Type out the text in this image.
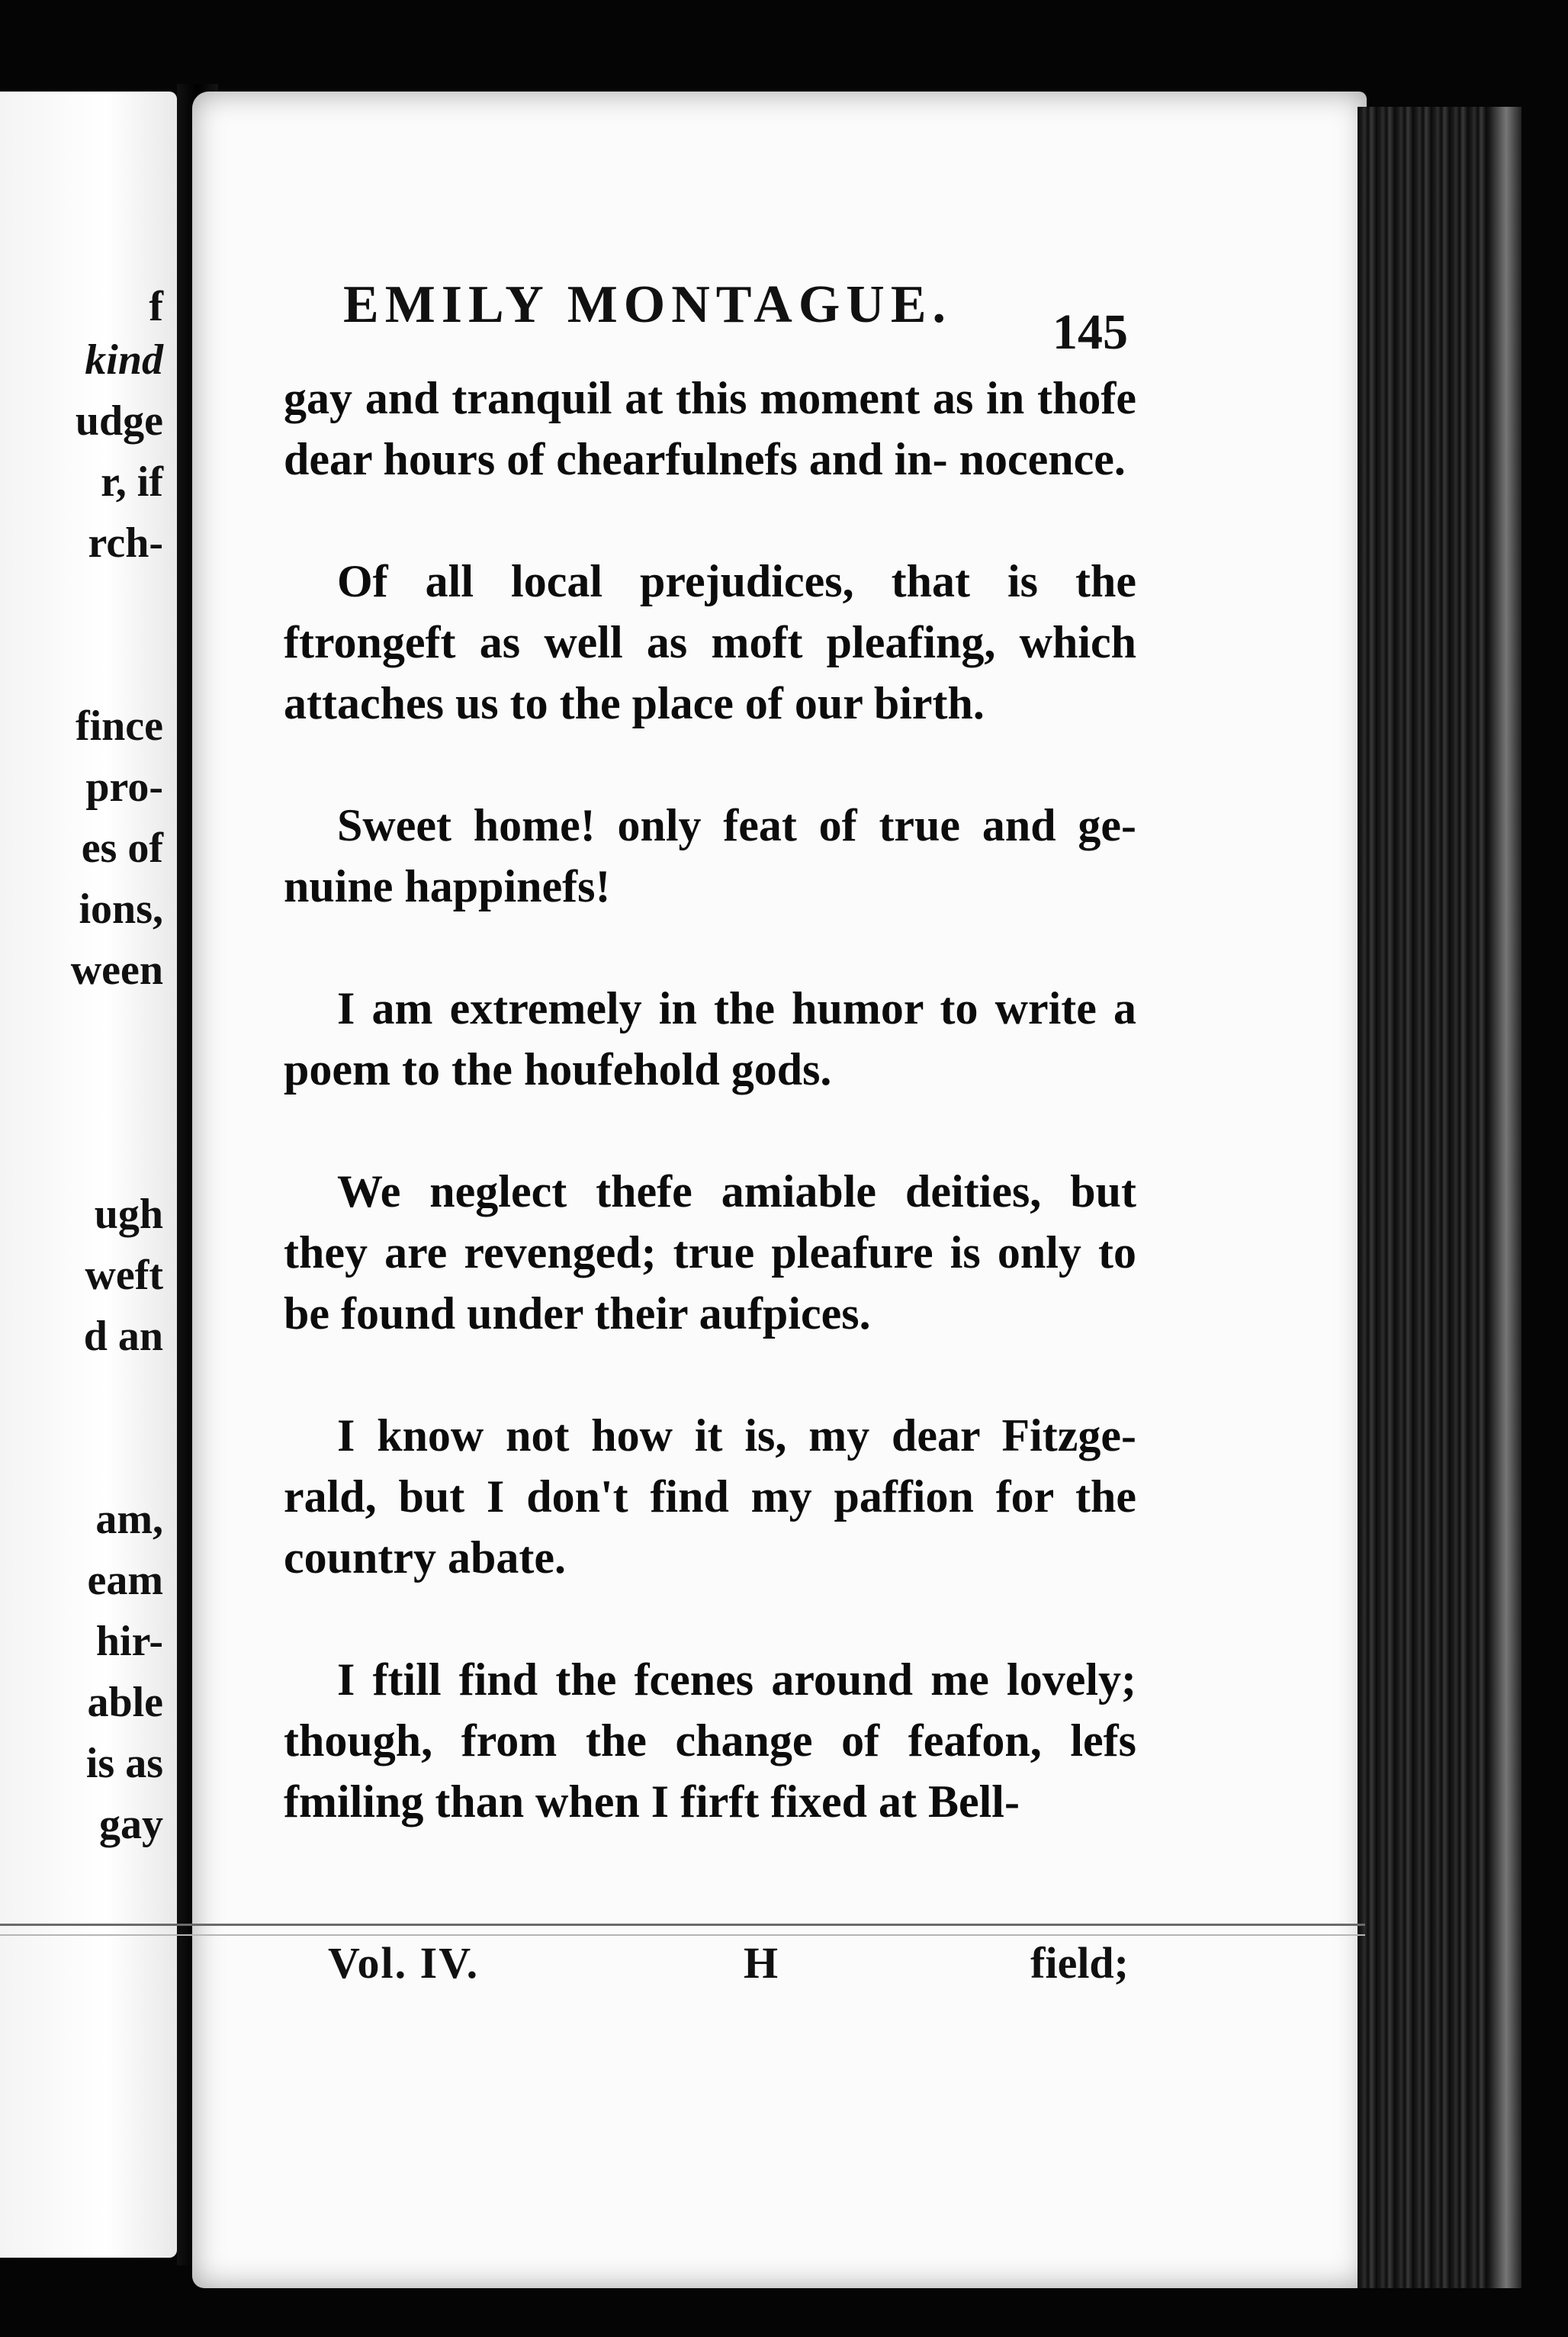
f
kind
udge
r, if
rch-
fince
pro-
es of
ions,
ween
ugh
weft
d an
am,
eam
hir-
able
is as
gay
EMILY MONTAGUE.	145

gay and tranquil at this moment as in thofe dear hours of chearfulnefs and in- nocence.

Of all local prejudices, that is the ftrongeft as well as moft pleafing, which attaches us to the place of our birth.

Sweet home! only feat of true and ge- nuine happinefs!

I am extremely in the humor to write a poem to the houfehold gods.

We neglect thefe amiable deities, but they are revenged; true pleafure is only to be found under their aufpices.

I know not how it is, my dear Fitzge- rald, but I don't find my paffion for the country abate.

I ftill find the fcenes around me lovely; though, from the change of feafon, lefs fmiling than when I firft fixed at Bell-

Vol. IV.	H	field;
